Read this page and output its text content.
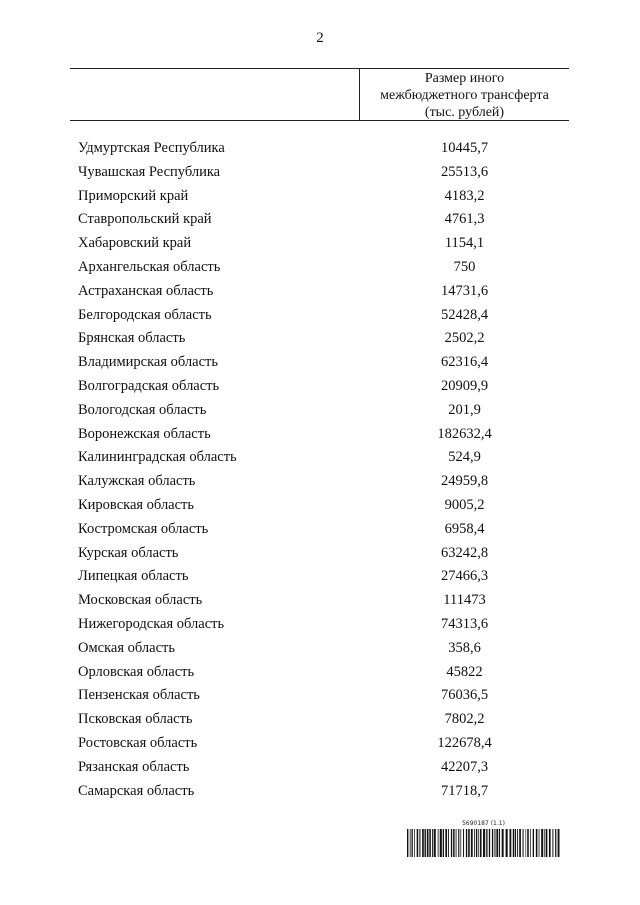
2
Размер иного
межбюджетного трансферта
(тыс. рублей)
Удмуртская Республика	10445,7
Чувашская Республика	25513,6
Приморский край	4183,2
Ставропольский край	4761,3
Хабаровский край	1154,1
Архангельская область	750
Астраханская область	14731,6
Белгородская область	52428,4
Брянская область	2502,2
Владимирская область	62316,4
Волгоградская область	20909,9
Вологодская область	201,9
Воронежская область	182632,4
Калининградская область	524,9
Калужская область	24959,8
Кировская область	9005,2
Костромская область	6958,4
Курская область	63242,8
Липецкая область	27466,3
Московская область	111473
Нижегородская область	74313,6
Омская область	358,6
Орловская область	45822
Пензенская область	76036,5
Псковская область	7802,2
Ростовская область	122678,4
Рязанская область	42207,3
Самарская область	71718,7
5690187 (1.1)
